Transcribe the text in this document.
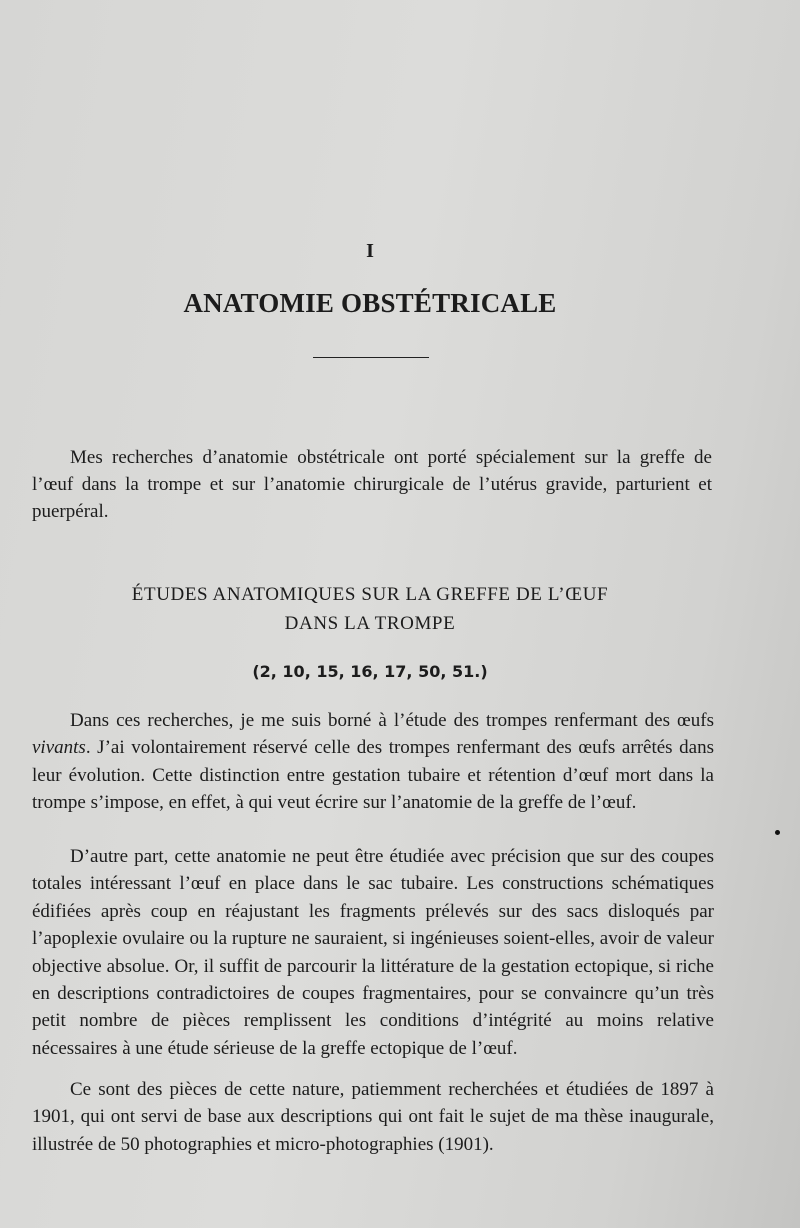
I
ANATOMIE OBSTÉTRICALE

Mes recherches d’anatomie obstétricale ont porté spécialement sur la greffe de l’œuf dans la trompe et sur l’anatomie chirurgicale de l’utérus gravide, parturient et puerpéral.

ÉTUDES ANATOMIQUES SUR LA GREFFE DE L’ŒUF
DANS LA TROMPE
(2, 10, 15, 16, 17, 50, 51.)

Dans ces recherches, je me suis borné à l’étude des trompes renfermant des œufs vivants. J’ai volontairement réservé celle des trompes renfermant des œufs arrêtés dans leur évolution. Cette distinction entre gestation tubaire et rétention d’œuf mort dans la trompe s’impose, en effet, à qui veut écrire sur l’anatomie de la greffe de l’œuf.

D’autre part, cette anatomie ne peut être étudiée avec précision que sur des coupes totales intéressant l’œuf en place dans le sac tubaire. Les constructions schématiques édifiées après coup en réajustant les fragments prélevés sur des sacs disloqués par l’apoplexie ovulaire ou la rupture ne sauraient, si ingénieuses soient-elles, avoir de valeur objective absolue. Or, il suffit de parcourir la littérature de la gestation ectopique, si riche en descriptions contradictoires de coupes fragmentaires, pour se convaincre qu’un très petit nombre de pièces remplissent les conditions d’intégrité au moins relative nécessaires à une étude sérieuse de la greffe ectopique de l’œuf.

Ce sont des pièces de cette nature, patiemment recherchées et étudiées de 1897 à 1901, qui ont servi de base aux descriptions qui ont fait le sujet de ma thèse inaugurale, illustrée de 50 photographies et micro-photographies (1901).
